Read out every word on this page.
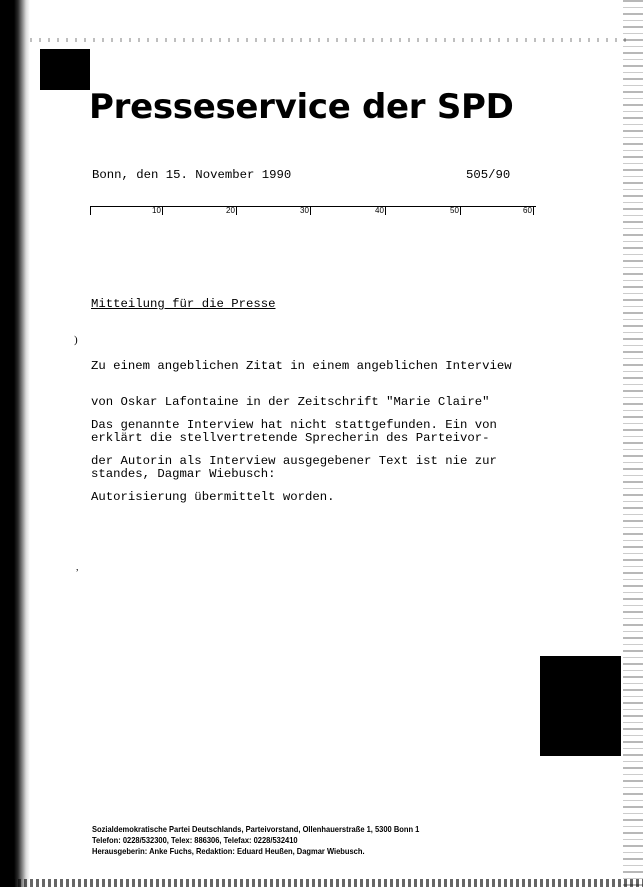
Presseservice der SPD
Bonn, den 15. November 1990	505/90
10	20	30	40	50	60
Mitteilung für die Presse
)

Zu einem angeblichen Zitat in einem angeblichen Interview

von Oskar Lafontaine in der Zeitschrift "Marie Claire"

erklärt die stellvertretende Sprecherin des Parteivor-

standes, Dagmar Wiebusch:

Das genannte Interview hat nicht stattgefunden. Ein von

der Autorin als Interview ausgegebener Text ist nie zur

Autorisierung übermittelt worden.

,
Sozialdemokratische Partei Deutschlands, Parteivorstand, Ollenhauerstraße 1, 5300 Bonn 1
Telefon: 0228/532300, Telex: 886306, Telefax: 0228/532410
Herausgeberin: Anke Fuchs, Redaktion: Eduard Heußen, Dagmar Wiebusch.
